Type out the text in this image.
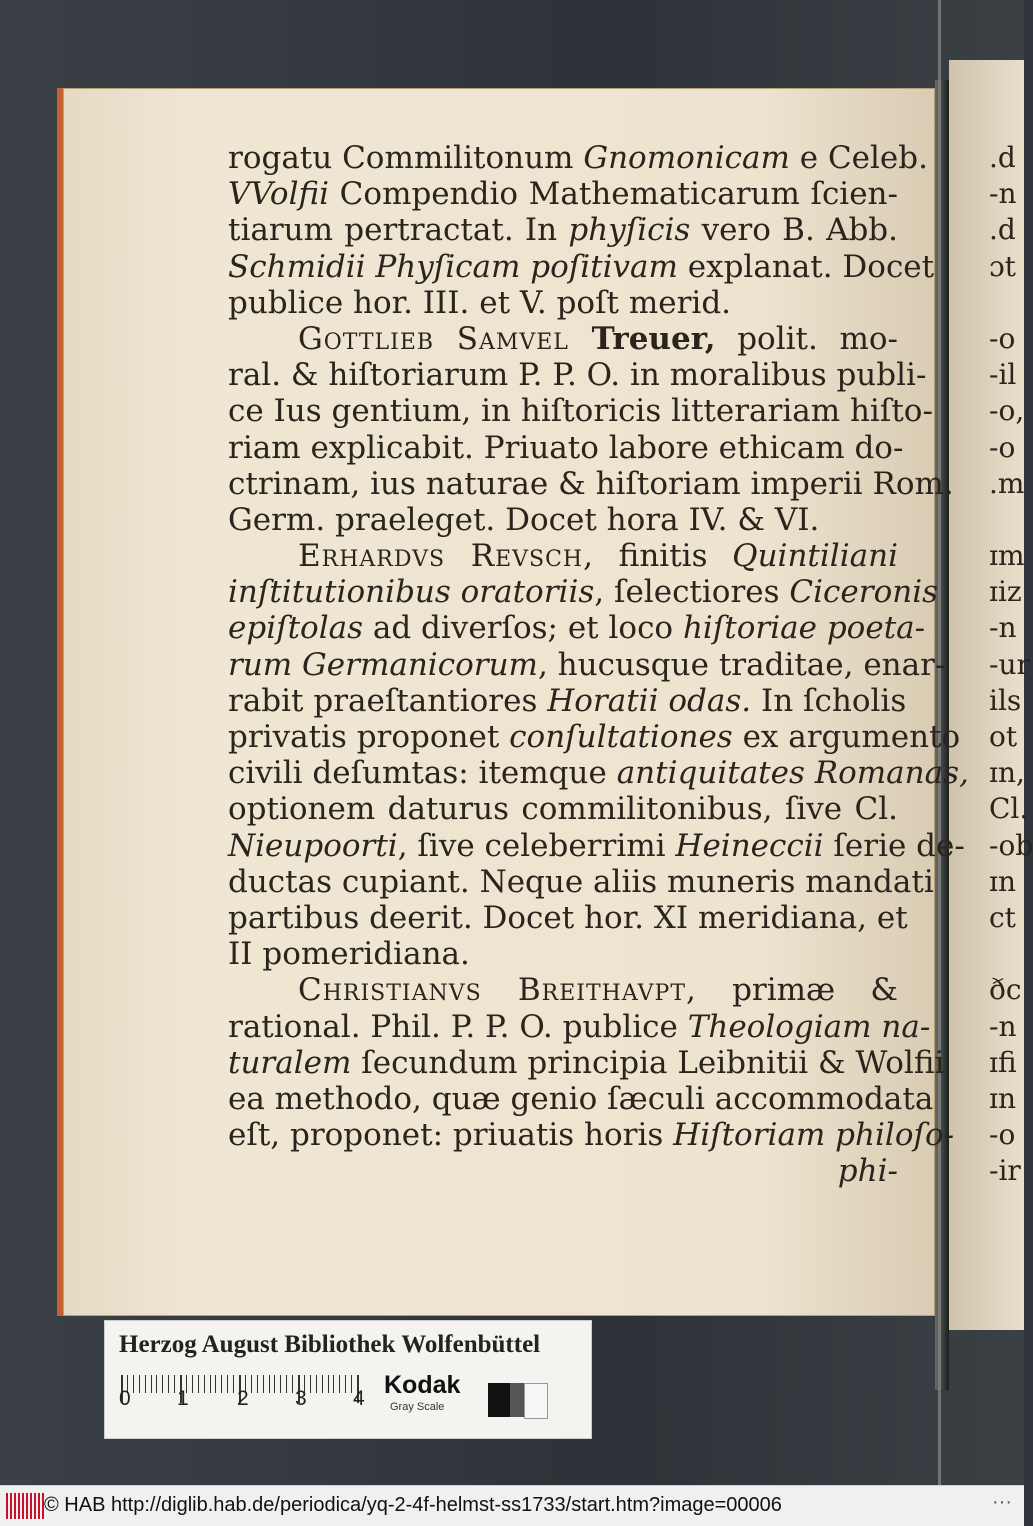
rogatu Commilitonum Gnomonicam e Celeb.
VVolfii Compendio Mathematicarum ſcien-
tiarum pertractat. In phyſicis vero B. Abb.
Schmidii Phyſicam poſitivam explanat. Docet
publice hor. III. et V. poſt merid.
Gottlieb Samvel Treuer, polit. mo-
ral. & hiſtoriarum P. P. O. in moralibus publi-
ce Ius gentium, in hiſtoricis litterariam hiſto-
riam explicabit. Priuato labore ethicam do-
ctrinam, ius naturae & hiſtoriam imperii Rom.
Germ. praeleget. Docet hora IV. & VI.
Erhardvs Revsch, finitis Quintiliani
inſtitutionibus oratoriis, ſelectiores Ciceronis
epiſtolas ad diverſos; et loco hiſtoriae poeta-
rum Germanicorum, hucusque traditae, enar-
rabit praeſtantiores Horatii odas. In ſcholis
privatis proponet conſultationes ex argumento
civili deſumtas: itemque antiquitates Romanas,
optionem daturus commilitonibus, ſive Cl.
Nieupoorti, ſive celeberrimi Heineccii ſerie de-
ductas cupiant. Neque aliis muneris mandati
partibus deerit. Docet hor. XI meridiana, et
II pomeridiana.
Christianvs Breithavpt, primæ &
rational. Phil. P. P. O. publice Theologiam na-
turalem ſecundum principia Leibnitii & Wolfii
ea methodo, quæ genio ſæculi accommodata
eſt, proponet: priuatis horis Hiſtoriam philoſo-
phi-
.d
-n
.d
ɔt
-o
-il
-o,
-o
.m
ɪm
ɪiz
-n
-ur
ils
ot
ɪn,
Cl.
-ob
ɪn
ct
ðc
-n
ɪfi
ɪn
-o
-ir
Herzog August Bibliothek Wolfenbüttel
0 1 2 3 4 Kodak
Gray Scale
© HAB http://diglib.hab.de/periodica/yq-2-4f-helmst-ss1733/start.htm?image=00006	···
